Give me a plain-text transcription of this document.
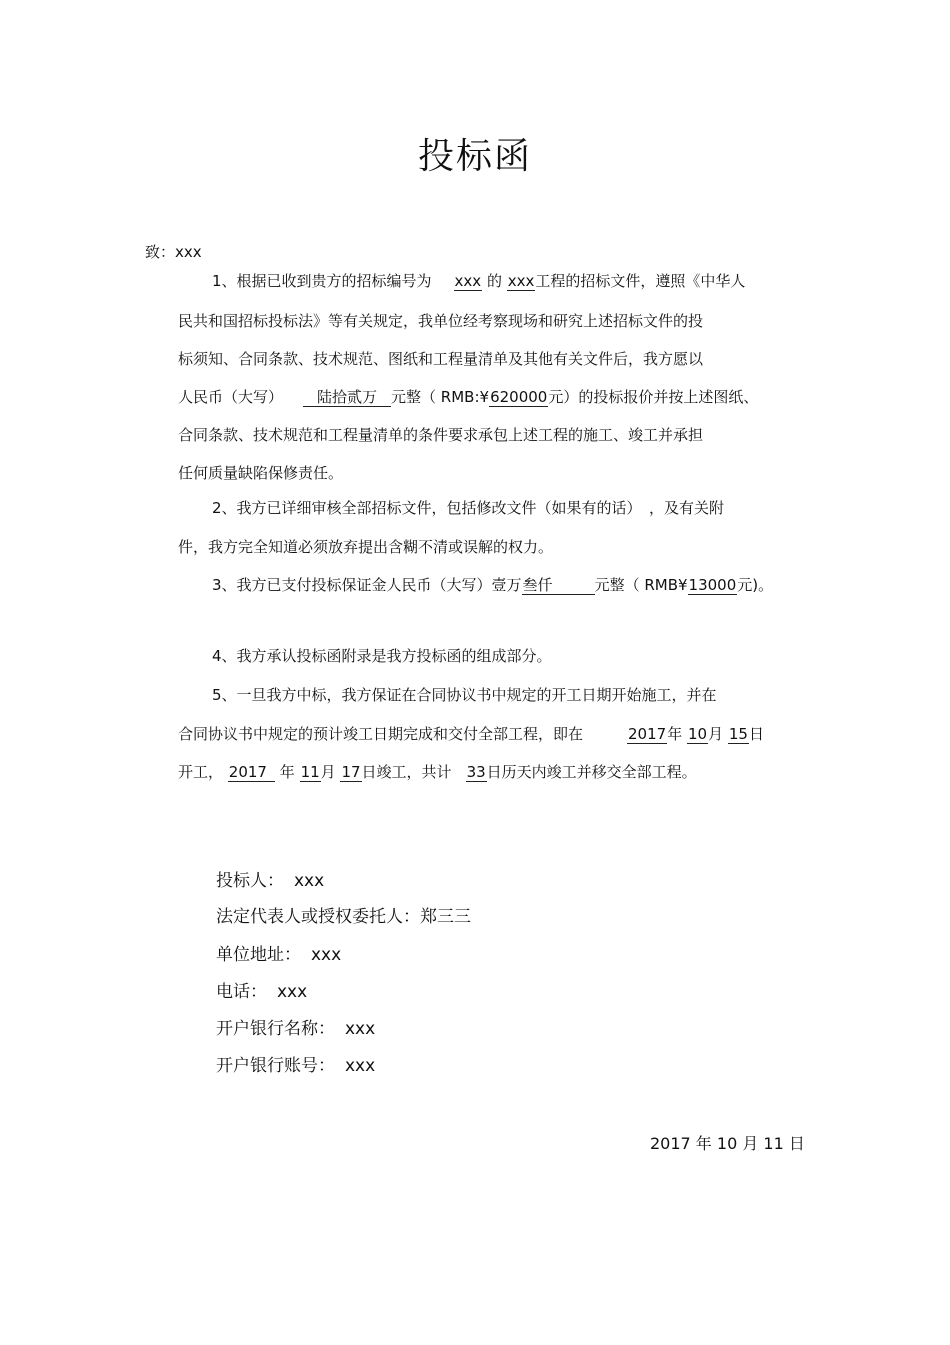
投标函
致：xxx
1、根据已收到贵方的招标编号为 xxx 的 xxx工程的招标文件，遵照《中华人
民共和国招标投标法》等有关规定，我单位经考察现场和研究上述招标文件的投
标须知、合同条款、技术规范、图纸和工程量清单及其他有关文件后，我方愿以
人民币（大写） 陆拾贰万 元整（ RMB:¥620000元）的投标报价并按上述图纸、
合同条款、技术规范和工程量清单的条件要求承包上述工程的施工、竣工并承担
任何质量缺陷保修责任。
2、我方已详细审核全部招标文件，包括修改文件（如果有的话）　，及有关附
件，我方完全知道必须放弃提出含糊不清或误解的权力。
3、我方已支付投标保证金人民币（大写）壹万叁仟	元整（ RMB¥13000元)。
4、我方承认投标函附录是我方投标函的组成部分。
5、一旦我方中标，我方保证在合同协议书中规定的开工日期开始施工，并在
合同协议书中规定的预计竣工日期完成和交付全部工程，即在	2017年 10月 15日
开工， 2017 年 11月 17日竣工，共计 33日历天内竣工并移交全部工程。
投标人： xxx
法定代表人或授权委托人：郑三三
单位地址： xxx
电话： xxx
开户银行名称： xxx
开户银行账号： xxx
2017 年 10 月 11 日
